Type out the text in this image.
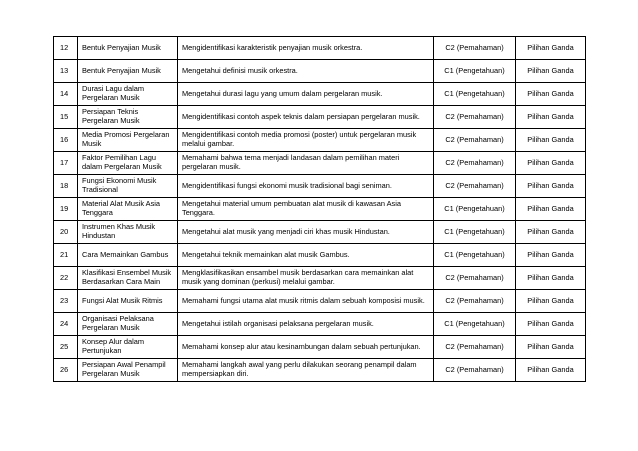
12	Bentuk Penyajian Musik	Mengidentifikasi karakteristik penyajian musik orkestra.	C2 (Pemahaman)	Pilihan Ganda
13	Bentuk Penyajian Musik	Mengetahui definisi musik orkestra.	C1 (Pengetahuan)	Pilihan Ganda
14	Durasi Lagu dalam Pergelaran Musik	Mengetahui durasi lagu yang umum dalam pergelaran musik.	C1 (Pengetahuan)	Pilihan Ganda
15	Persiapan Teknis Pergelaran Musik	Mengidentifikasi contoh aspek teknis dalam persiapan pergelaran musik.	C2 (Pemahaman)	Pilihan Ganda
16	Media Promosi Pergelaran Musik	Mengidentifikasi contoh media promosi (poster) untuk pergelaran musik melalui gambar.	C2 (Pemahaman)	Pilihan Ganda
17	Faktor Pemilihan Lagu dalam Pergelaran Musik	Memahami bahwa tema menjadi landasan dalam pemilihan materi pergelaran musik.	C2 (Pemahaman)	Pilihan Ganda
18	Fungsi Ekonomi Musik Tradisional	Mengidentifikasi fungsi ekonomi musik tradisional bagi seniman.	C2 (Pemahaman)	Pilihan Ganda
19	Material Alat Musik Asia Tenggara	Mengetahui material umum pembuatan alat musik di kawasan Asia Tenggara.	C1 (Pengetahuan)	Pilihan Ganda
20	Instrumen Khas Musik Hindustan	Mengetahui alat musik yang menjadi ciri khas musik Hindustan.	C1 (Pengetahuan)	Pilihan Ganda
21	Cara Memainkan Gambus	Mengetahui teknik memainkan alat musik Gambus.	C1 (Pengetahuan)	Pilihan Ganda
22	Klasifikasi Ensembel Musik Berdasarkan Cara Main	Mengklasifikasikan ensambel musik berdasarkan cara memainkan alat musik yang dominan (perkusi) melalui gambar.	C2 (Pemahaman)	Pilihan Ganda
23	Fungsi Alat Musik Ritmis	Memahami fungsi utama alat musik ritmis dalam sebuah komposisi musik.	C2 (Pemahaman)	Pilihan Ganda
24	Organisasi Pelaksana Pergelaran Musik	Mengetahui istilah organisasi pelaksana pergelaran musik.	C1 (Pengetahuan)	Pilihan Ganda
25	Konsep Alur dalam Pertunjukan	Memahami konsep alur atau kesinambungan dalam sebuah pertunjukan.	C2 (Pemahaman)	Pilihan Ganda
26	Persiapan Awal Penampil Pergelaran Musik	Memahami langkah awal yang perlu dilakukan seorang penampil dalam mempersiapkan diri.	C2 (Pemahaman)	Pilihan Ganda
